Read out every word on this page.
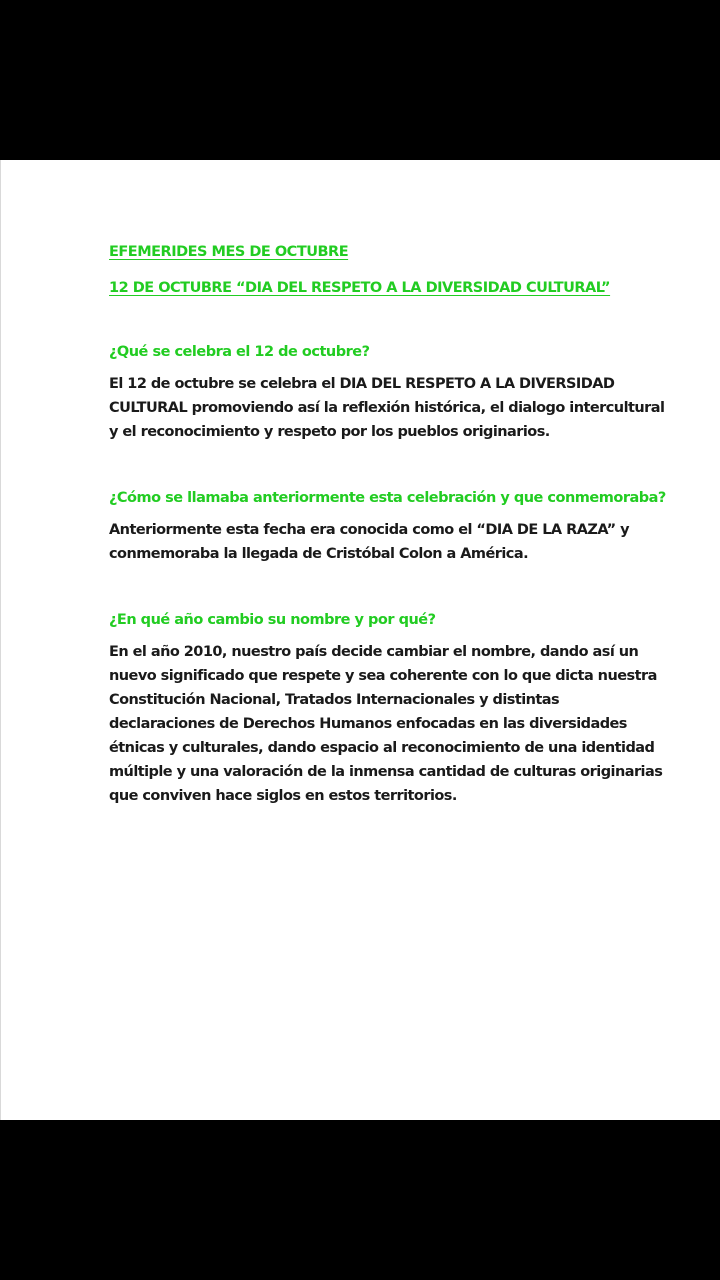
EFEMERIDES MES DE OCTUBRE

12 DE OCTUBRE “DIA DEL RESPETO A LA DIVERSIDAD CULTURAL”

¿Qué se celebra el 12 de octubre?

El 12 de octubre se celebra el DIA DEL RESPETO A LA DIVERSIDAD CULTURAL promoviendo así la reflexión histórica, el dialogo intercultural y el reconocimiento y respeto por los pueblos originarios.

¿Cómo se llamaba anteriormente esta celebración y que conmemoraba?

Anteriormente esta fecha era conocida como el “DIA DE LA RAZA” y conmemoraba la llegada de Cristóbal Colon a América.

¿En qué año cambio su nombre y por qué?

En el año 2010, nuestro país decide cambiar el nombre, dando así un nuevo significado que respete y sea coherente con lo que dicta nuestra Constitución Nacional, Tratados Internacionales y distintas declaraciones de Derechos Humanos enfocadas en las diversidades étnicas y culturales, dando espacio al reconocimiento de una identidad múltiple y una valoración de la inmensa cantidad de culturas originarias que conviven hace siglos en estos territorios.
